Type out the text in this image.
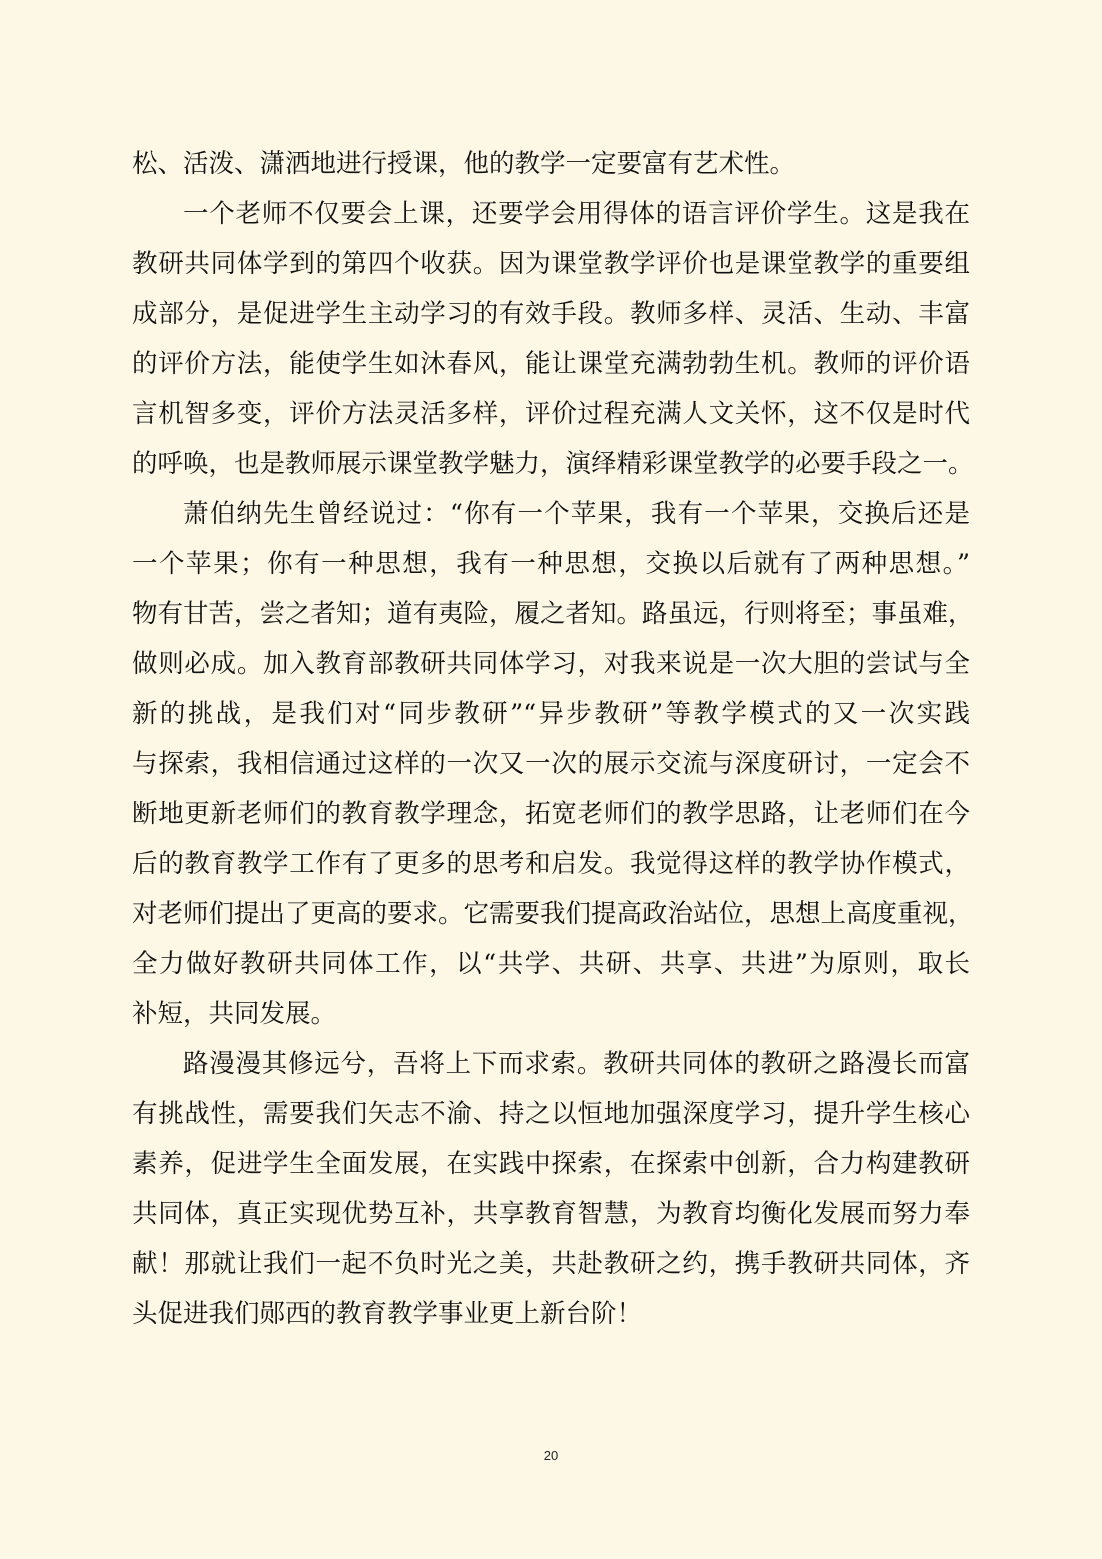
松、活泼、潇洒地进行授课，他的教学一定要富有艺术性。
一个老师不仅要会上课，还要学会用得体的语言评价学生。这是我在
教研共同体学到的第四个收获。因为课堂教学评价也是课堂教学的重要组
成部分，是促进学生主动学习的有效手段。教师多样、灵活、生动、丰富
的评价方法，能使学生如沐春风，能让课堂充满勃勃生机。教师的评价语
言机智多变，评价方法灵活多样，评价过程充满人文关怀，这不仅是时代
的呼唤，也是教师展示课堂教学魅力，演绎精彩课堂教学的必要手段之一。
萧伯纳先生曾经说过：“你有一个苹果，我有一个苹果，交换后还是
一个苹果；你有一种思想，我有一种思想，交换以后就有了两种思想。”
物有甘苦，尝之者知；道有夷险，履之者知。路虽远，行则将至；事虽难，
做则必成。加入教育部教研共同体学习，对我来说是一次大胆的尝试与全
新的挑战，是我们对“同步教研”“异步教研”等教学模式的又一次实践
与探索，我相信通过这样的一次又一次的展示交流与深度研讨，一定会不
断地更新老师们的教育教学理念，拓宽老师们的教学思路，让老师们在今
后的教育教学工作有了更多的思考和启发。我觉得这样的教学协作模式，
对老师们提出了更高的要求。它需要我们提高政治站位，思想上高度重视，
全力做好教研共同体工作，以“共学、共研、共享、共进”为原则，取长
补短，共同发展。
路漫漫其修远兮，吾将上下而求索。教研共同体的教研之路漫长而富
有挑战性，需要我们矢志不渝、持之以恒地加强深度学习，提升学生核心
素养，促进学生全面发展，在实践中探索，在探索中创新，合力构建教研
共同体，真正实现优势互补，共享教育智慧，为教育均衡化发展而努力奉
献！那就让我们一起不负时光之美，共赴教研之约，携手教研共同体，齐
头促进我们郧西的教育教学事业更上新台阶！
20
